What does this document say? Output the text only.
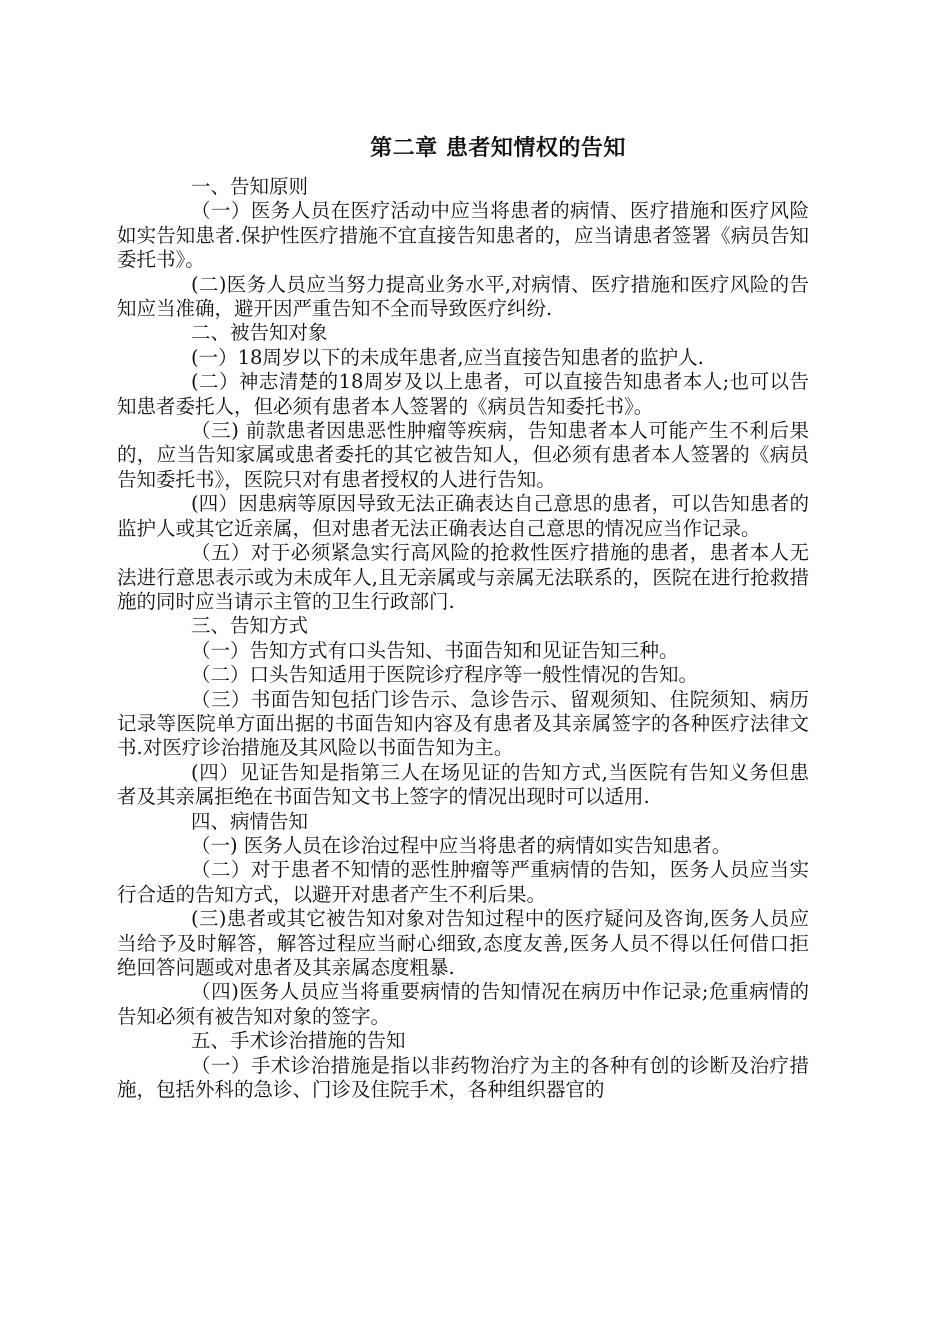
第二章 患者知情权的告知

一、告知原则

（一）医务人员在医疗活动中应当将患者的病情、医疗措施和医疗风险如实告知患者.保护性医疗措施不宜直接告知患者的，应当请患者签署《病员告知委托书》。

(二)医务人员应当努力提高业务水平,对病情、医疗措施和医疗风险的告知应当准确，避开因严重告知不全而导致医疗纠纷.

二、被告知对象

(一）18周岁以下的未成年患者,应当直接告知患者的监护人.

(二）神志清楚的18周岁及以上患者，可以直接告知患者本人;也可以告知患者委托人，但必须有患者本人签署的《病员告知委托书》。

（三) 前款患者因患恶性肿瘤等疾病，告知患者本人可能产生不利后果的，应当告知家属或患者委托的其它被告知人，但必须有患者本人签署的《病员告知委托书》，医院只对有患者授权的人进行告知。

(四）因患病等原因导致无法正确表达自己意思的患者，可以告知患者的监护人或其它近亲属，但对患者无法正确表达自己意思的情况应当作记录。

（五）对于必须紧急实行高风险的抢救性医疗措施的患者，患者本人无法进行意思表示或为未成年人,且无亲属或与亲属无法联系的，医院在进行抢救措施的同时应当请示主管的卫生行政部门.

三、告知方式

（一）告知方式有口头告知、书面告知和见证告知三种。

（二）口头告知适用于医院诊疗程序等一般性情况的告知。

（三）书面告知包括门诊告示、急诊告示、留观须知、住院须知、病历记录等医院单方面出据的书面告知内容及有患者及其亲属签字的各种医疗法律文书.对医疗诊治措施及其风险以书面告知为主。

(四）见证告知是指第三人在场见证的告知方式,当医院有告知义务但患者及其亲属拒绝在书面告知文书上签字的情况出现时可以适用.

四、病情告知

（一) 医务人员在诊治过程中应当将患者的病情如实告知患者。

（二）对于患者不知情的恶性肿瘤等严重病情的告知，医务人员应当实行合适的告知方式，以避开对患者产生不利后果。

(三)患者或其它被告知对象对告知过程中的医疗疑问及咨询,医务人员应当给予及时解答，解答过程应当耐心细致,态度友善,医务人员不得以任何借口拒绝回答问题或对患者及其亲属态度粗暴.

（四)医务人员应当将重要病情的告知情况在病历中作记录;危重病情的告知必须有被告知对象的签字。

五、手术诊治措施的告知

（一）手术诊治措施是指以非药物治疗为主的各种有创的诊断及治疗措施，包括外科的急诊、门诊及住院手术，各种组织器官的
